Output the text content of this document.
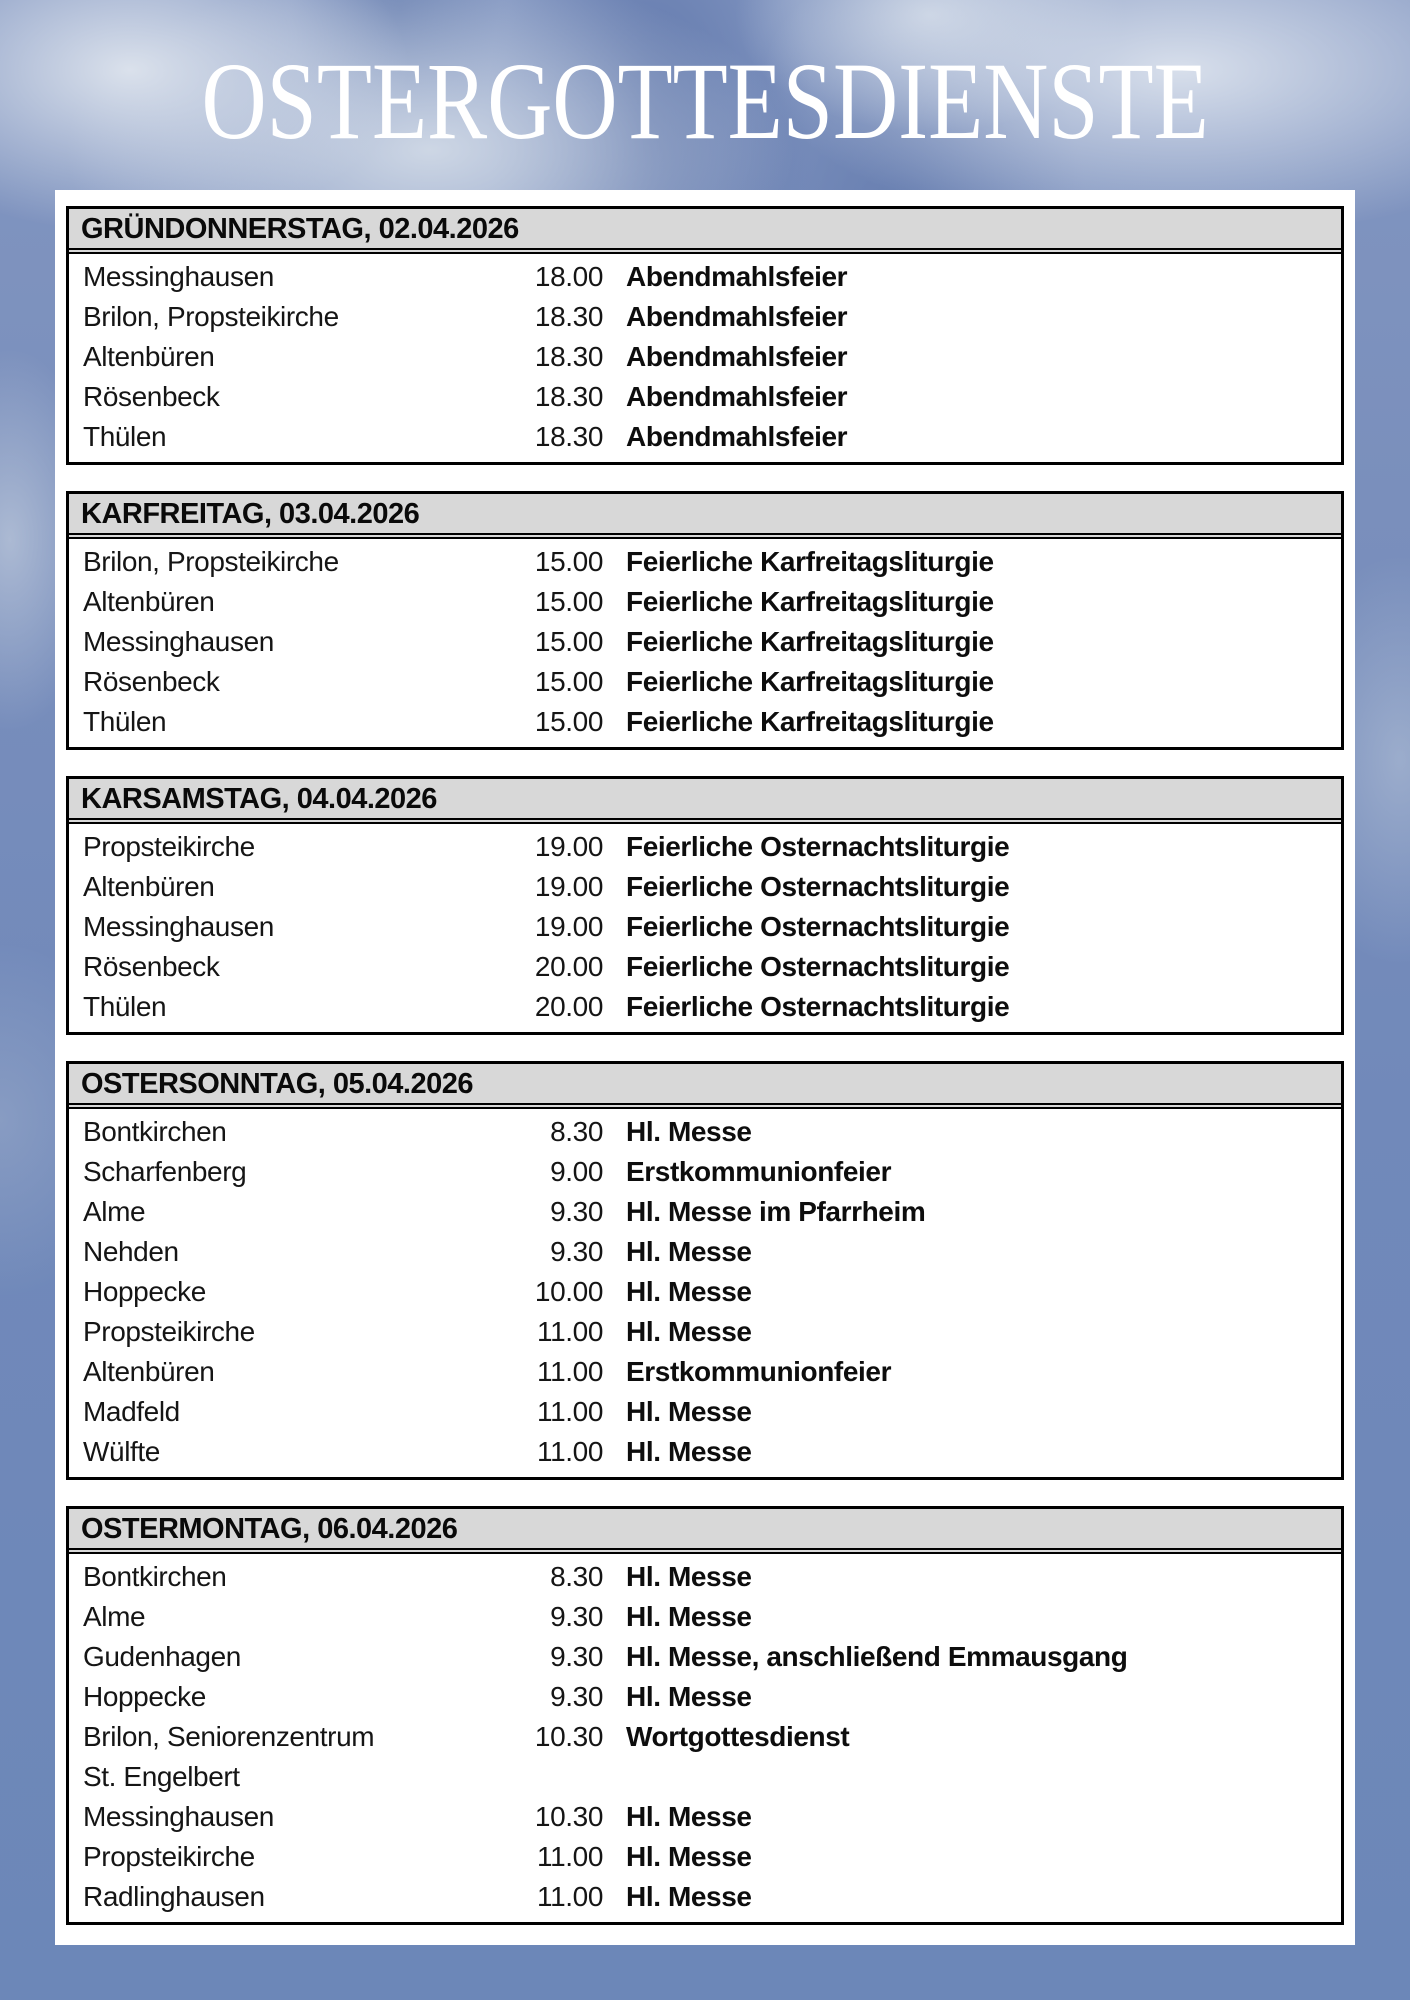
OSTERGOTTESDIENSTE
GRÜNDONNERSTAG, 02.04.2026
Messinghausen	18.00 Abendmahlsfeier
Brilon, Propsteikirche	18.30 Abendmahlsfeier
Altenbüren	18.30 Abendmahlsfeier
Rösenbeck	18.30 Abendmahlsfeier
Thülen	18.30 Abendmahlsfeier
KARFREITAG, 03.04.2026
Brilon, Propsteikirche	15.00 Feierliche Karfreitagsliturgie
Altenbüren	15.00 Feierliche Karfreitagsliturgie
Messinghausen	15.00 Feierliche Karfreitagsliturgie
Rösenbeck	15.00 Feierliche Karfreitagsliturgie
Thülen	15.00 Feierliche Karfreitagsliturgie
KARSAMSTAG, 04.04.2026
Propsteikirche	19.00 Feierliche Osternachtsliturgie
Altenbüren	19.00 Feierliche Osternachtsliturgie
Messinghausen	19.00 Feierliche Osternachtsliturgie
Rösenbeck	20.00 Feierliche Osternachtsliturgie
Thülen	20.00 Feierliche Osternachtsliturgie
OSTERSONNTAG, 05.04.2026
Bontkirchen	8.30 Hl. Messe
Scharfenberg	9.00 Erstkommunionfeier
Alme	9.30 Hl. Messe im Pfarrheim
Nehden	9.30 Hl. Messe
Hoppecke	10.00 Hl. Messe
Propsteikirche	11.00 Hl. Messe
Altenbüren	11.00 Erstkommunionfeier
Madfeld	11.00 Hl. Messe
Wülfte	11.00 Hl. Messe
OSTERMONTAG, 06.04.2026
Bontkirchen	8.30 Hl. Messe
Alme	9.30 Hl. Messe
Gudenhagen	9.30 Hl. Messe, anschließend Emmausgang
Hoppecke	9.30 Hl. Messe
Brilon, Seniorenzentrum
St. Engelbert
10.30 Wortgottesdienst
Messinghausen	10.30 Hl. Messe
Propsteikirche	11.00 Hl. Messe
Radlinghausen	11.00 Hl. Messe
